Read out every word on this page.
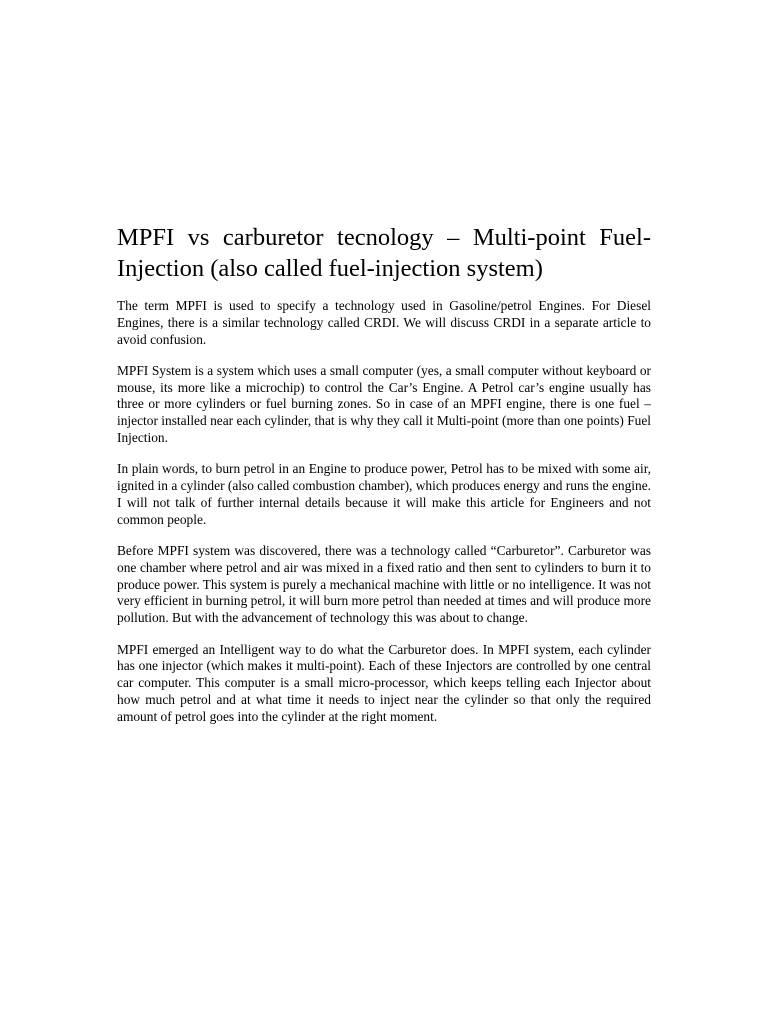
MPFI vs carburetor tecnology – Multi-point Fuel-Injection (also called fuel-injection system)

The term MPFI is used to specify a technology used in Gasoline/petrol Engines. For Diesel Engines, there is a similar technology called CRDI. We will discuss CRDI in a separate article to avoid confusion.

MPFI System is a system which uses a small computer (yes, a small computer without keyboard or mouse, its more like a microchip) to control the Car’s Engine. A Petrol car’s engine usually has three or more cylinders or fuel burning zones. So in case of an MPFI engine, there is one fuel –injector installed near each cylinder, that is why they call it Multi-point (more than one points) Fuel Injection.

In plain words, to burn petrol in an Engine to produce power, Petrol has to be mixed with some air, ignited in a cylinder (also called combustion chamber), which produces energy and runs the engine. I will not talk of further internal details because it will make this article for Engineers and not common people.

Before MPFI system was discovered, there was a technology called “Carburetor”. Carburetor was one chamber where petrol and air was mixed in a fixed ratio and then sent to cylinders to burn it to produce power. This system is purely a mechanical machine with little or no intelligence. It was not very efficient in burning petrol, it will burn more petrol than needed at times and will produce more pollution. But with the advancement of technology this was about to change.

MPFI emerged an Intelligent way to do what the Carburetor does. In MPFI system, each cylinder has one injector (which makes it multi-point). Each of these Injectors are controlled by one central car computer. This computer is a small micro-processor, which keeps telling each Injector about how much petrol and at what time it needs to inject near the cylinder so that only the required amount of petrol goes into the cylinder at the right moment.
